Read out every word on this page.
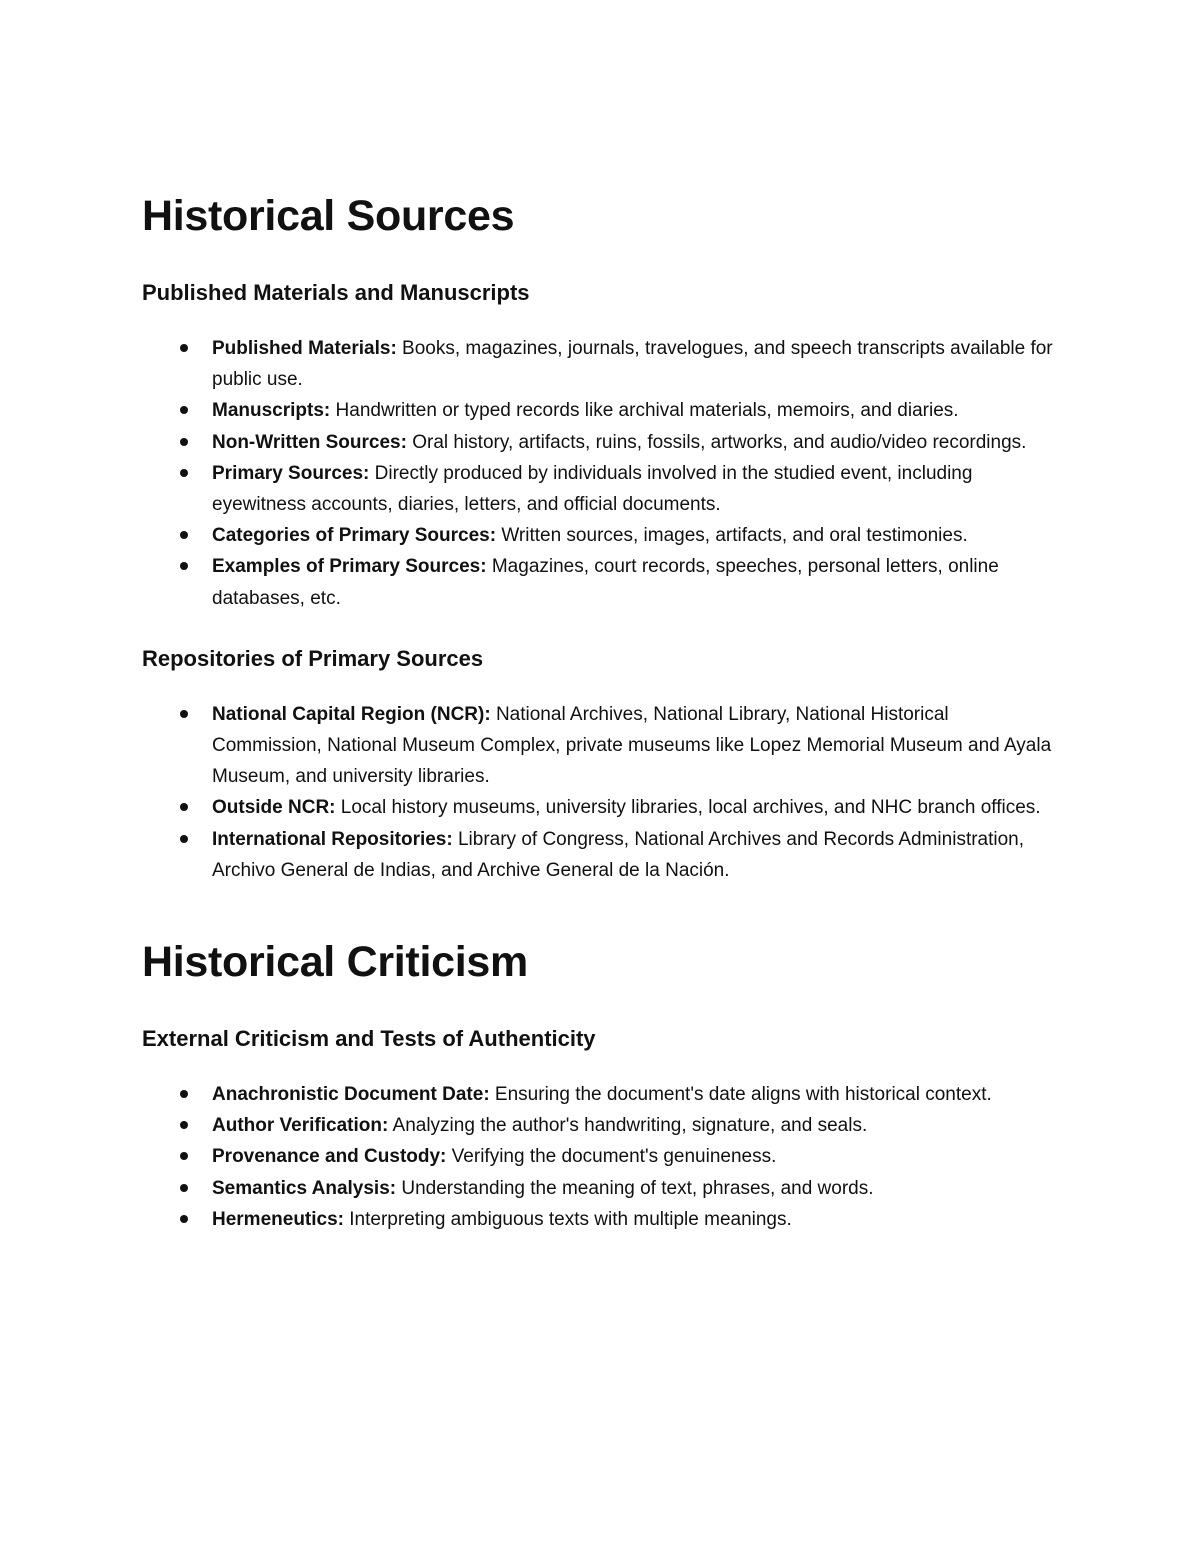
Historical Sources
Published Materials and Manuscripts
Published Materials: Books, magazines, journals, travelogues, and speech transcripts available for public use.
Manuscripts: Handwritten or typed records like archival materials, memoirs, and diaries.
Non-Written Sources: Oral history, artifacts, ruins, fossils, artworks, and audio/video recordings.
Primary Sources: Directly produced by individuals involved in the studied event, including eyewitness accounts, diaries, letters, and official documents.
Categories of Primary Sources: Written sources, images, artifacts, and oral testimonies.
Examples of Primary Sources: Magazines, court records, speeches, personal letters, online databases, etc.
Repositories of Primary Sources
National Capital Region (NCR): National Archives, National Library, National Historical Commission, National Museum Complex, private museums like Lopez Memorial Museum and Ayala Museum, and university libraries.
Outside NCR: Local history museums, university libraries, local archives, and NHC branch offices.
International Repositories: Library of Congress, National Archives and Records Administration, Archivo General de Indias, and Archive General de la Nación.
Historical Criticism
External Criticism and Tests of Authenticity
Anachronistic Document Date: Ensuring the document's date aligns with historical context.
Author Verification: Analyzing the author's handwriting, signature, and seals.
Provenance and Custody: Verifying the document's genuineness.
Semantics Analysis: Understanding the meaning of text, phrases, and words.
Hermeneutics: Interpreting ambiguous texts with multiple meanings.
